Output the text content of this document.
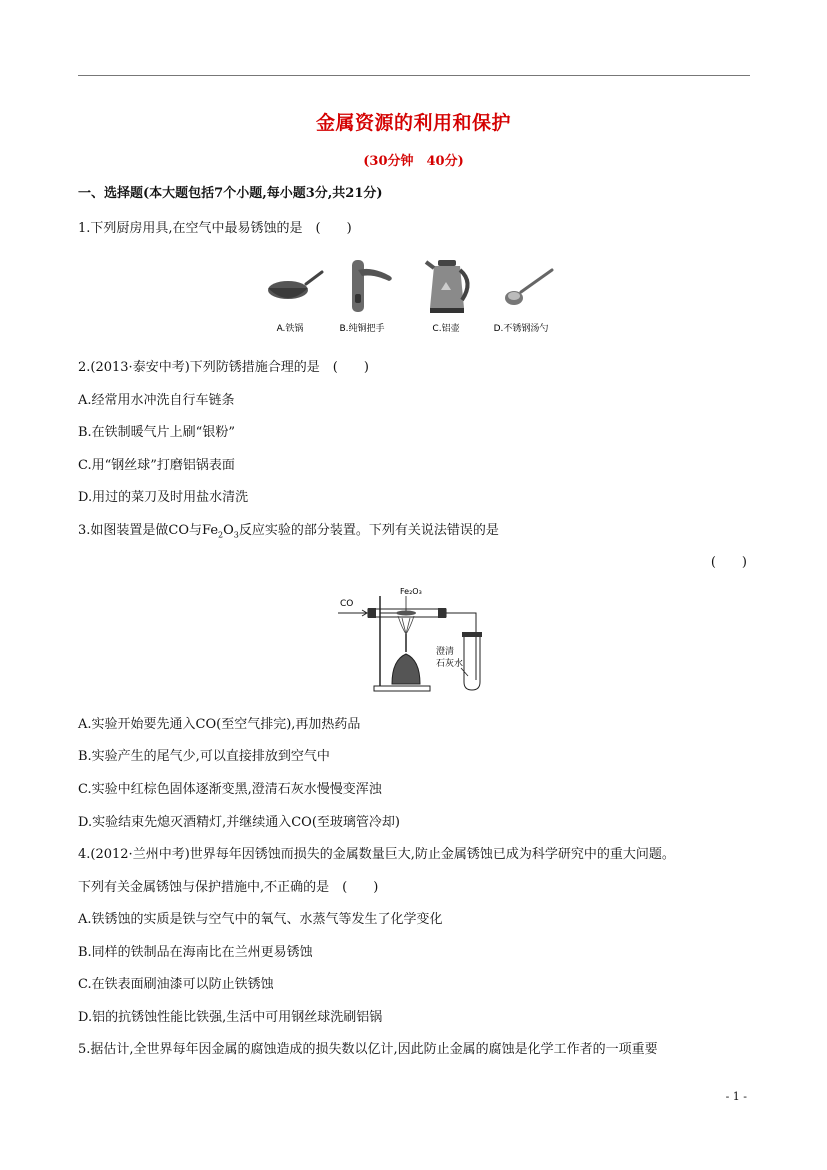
金属资源的利用和保护
(30分钟　40分)
一、选择题(本大题包括7个小题,每小题3分,共21分)
1.下列厨房用具,在空气中最易锈蚀的是　(　　)
A.铁锅	B.纯铜把手	C.铝壶	D.不锈钢汤勺
2.(2013·泰安中考)下列防锈措施合理的是　(　　)
A.经常用水冲洗自行车链条
B.在铁制暖气片上刷“银粉”
C.用“钢丝球”打磨铝锅表面
D.用过的菜刀及时用盐水清洗
3.如图装置是做CO与$Fe_2O_3$反应实验的部分装置。下列有关说法错误的是
(　　)
CO
Fe₂O₃
澄清
石灰水
A.实验开始要先通入CO(至空气排完),再加热药品
B.实验产生的尾气少,可以直接排放到空气中
C.实验中红棕色固体逐渐变黑,澄清石灰水慢慢变浑浊
D.实验结束先熄灭酒精灯,并继续通入CO(至玻璃管冷却)
4.(2012·兰州中考)世界每年因锈蚀而损失的金属数量巨大,防止金属锈蚀已成为科学研究中的重大问题。
下列有关金属锈蚀与保护措施中,不正确的是　(　　)
A.铁锈蚀的实质是铁与空气中的氧气、水蒸气等发生了化学变化
B.同样的铁制品在海南比在兰州更易锈蚀
C.在铁表面刷油漆可以防止铁锈蚀
D.铝的抗锈蚀性能比铁强,生活中可用钢丝球洗刷铝锅
5.据估计,全世界每年因金属的腐蚀造成的损失数以亿计,因此防止金属的腐蚀是化学工作者的一项重要
- 1 -
